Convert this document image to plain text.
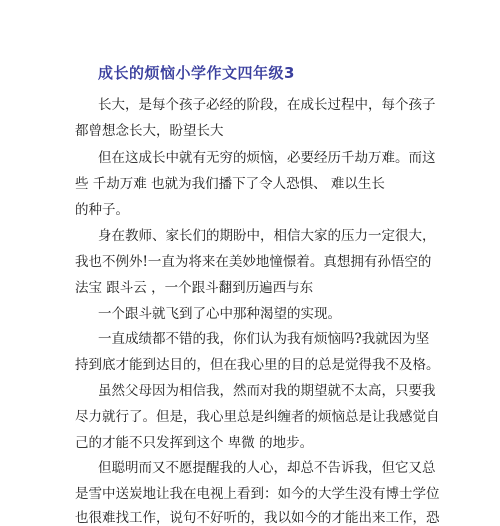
成长的烦恼小学作文四年级3
长大，是每个孩子必经的阶段，在成长过程中，每个孩子
都曾想念长大，盼望长大
但在这成长中就有无穷的烦恼，必要经历千劫万难。而这
些 千劫万难 也就为我们播下了令人恐惧、 难以生长
的种子。
身在教师、家长们的期盼中，相信大家的压力一定很大，
我也不例外!一直为将来在美妙地憧憬着。真想拥有孙悟空的
法宝 跟斗云 ，一个跟斗翻到历遍西与东
一个跟斗就飞到了心中那种渴望的实现。
一直成绩都不错的我，你们认为我有烦恼吗?我就因为坚
持到底才能到达目的，但在我心里的目的总是觉得我不及格。
虽然父母因为相信我，然而对我的期望就不太高，只要我
尽力就行了。但是，我心里总是纠缠者的烦恼总是让我感觉自
己的才能不只发挥到这个 卑微 的地步。
但聪明而又不愿提醒我的人心，却总不告诉我，但它又总
是雪中送炭地让我在电视上看到：如今的大学生没有博士学位
也很难找工作，说句不好听的，我以如今的才能出来工作，恐
